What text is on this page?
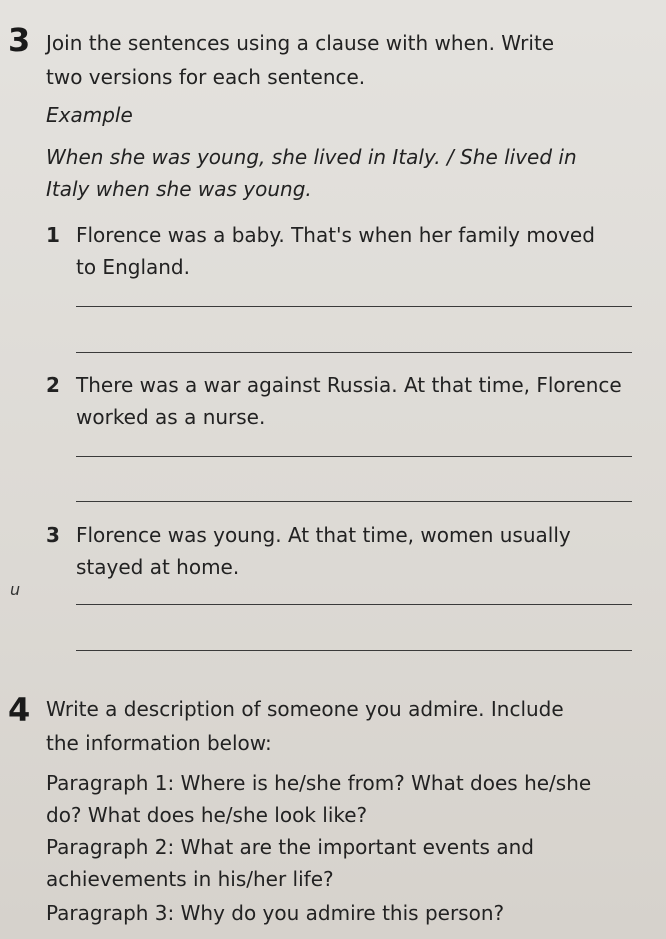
3 Join the sentences using a clause with when. Write
two versions for each sentence.
Example
When she was young, she lived in Italy. / She lived in
Italy when she was young.
1 Florence was a baby. That's when her family moved
to England.
2 There was a war against Russia. At that time, Florence
worked as a nurse.
3 Florence was young. At that time, women usually
stayed at home.
u
4 Write a description of someone you admire. Include
the information below:
Paragraph 1: Where is he/she from? What does he/she
do? What does he/she look like?
Paragraph 2: What are the important events and
achievements in his/her life?
Paragraph 3: Why do you admire this person?
